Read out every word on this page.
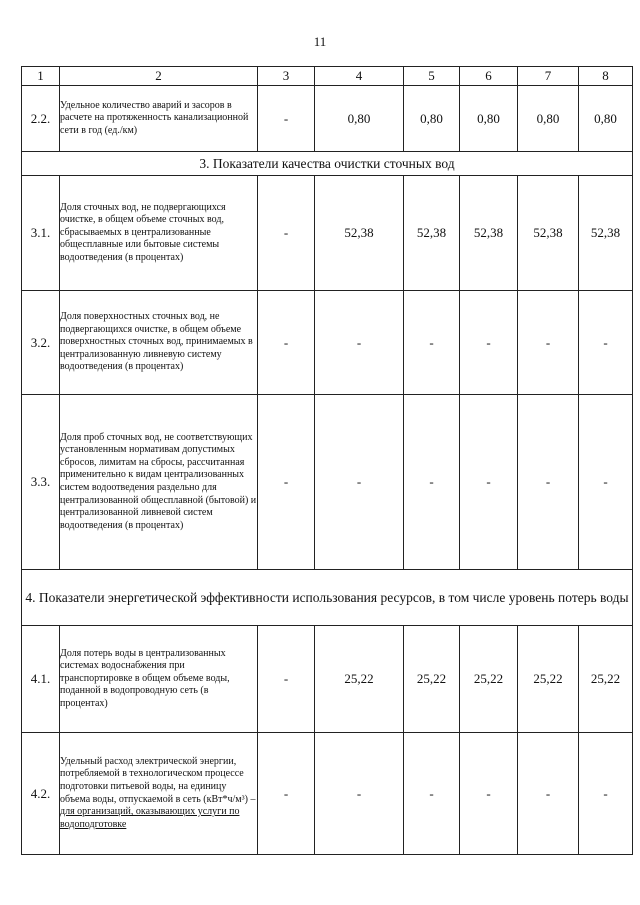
11
1	2	3	4	5	6	7	8
2.2.	Удельное количество аварий и засоров в расчете на протяженность канализационной сети в год (ед./км)	-	0,80	0,80	0,80	0,80	0,80
3. Показатели качества очистки сточных вод							
3.1.	Доля сточных вод, не подвергающихся очистке, в общем объеме сточных вод, сбрасываемых в централизованные общесплавные или бытовые системы водоотведения (в процентах)	-	52,38	52,38	52,38	52,38	52,38
3.2.	Доля поверхностных сточных вод, не подвергающихся очистке, в общем объеме поверхностных сточных вод, принимаемых в централизованную ливневую систему водоотведения (в процентах)	-	-	-	-	-	-
3.3.	Доля проб сточных вод, не соответствующих установленным нормативам допустимых сбросов, лимитам на сбросы, рассчитанная применительно к видам централизованных систем водоотведения раздельно для централизованной общесплавной (бытовой) и централизованной ливневой систем водоотведения (в процентах)	-	-	-	-	-	-
4. Показатели энергетической эффективности использования ресурсов, в том числе уровень потерь воды							
4.1.	Доля потерь воды в централизованных системах водоснабжения при транспортировке в общем объеме воды, поданной в водопроводную сеть (в процентах)	-	25,22	25,22	25,22	25,22	25,22
4.2.	Удельный расход электрической энергии, потребляемой в технологическом процессе подготовки питьевой воды, на единицу объема воды, отпускаемой в сеть (кВт*ч/м³) – для организаций, оказывающих услуги по водоподготовке	-	-	-	-	-	-
